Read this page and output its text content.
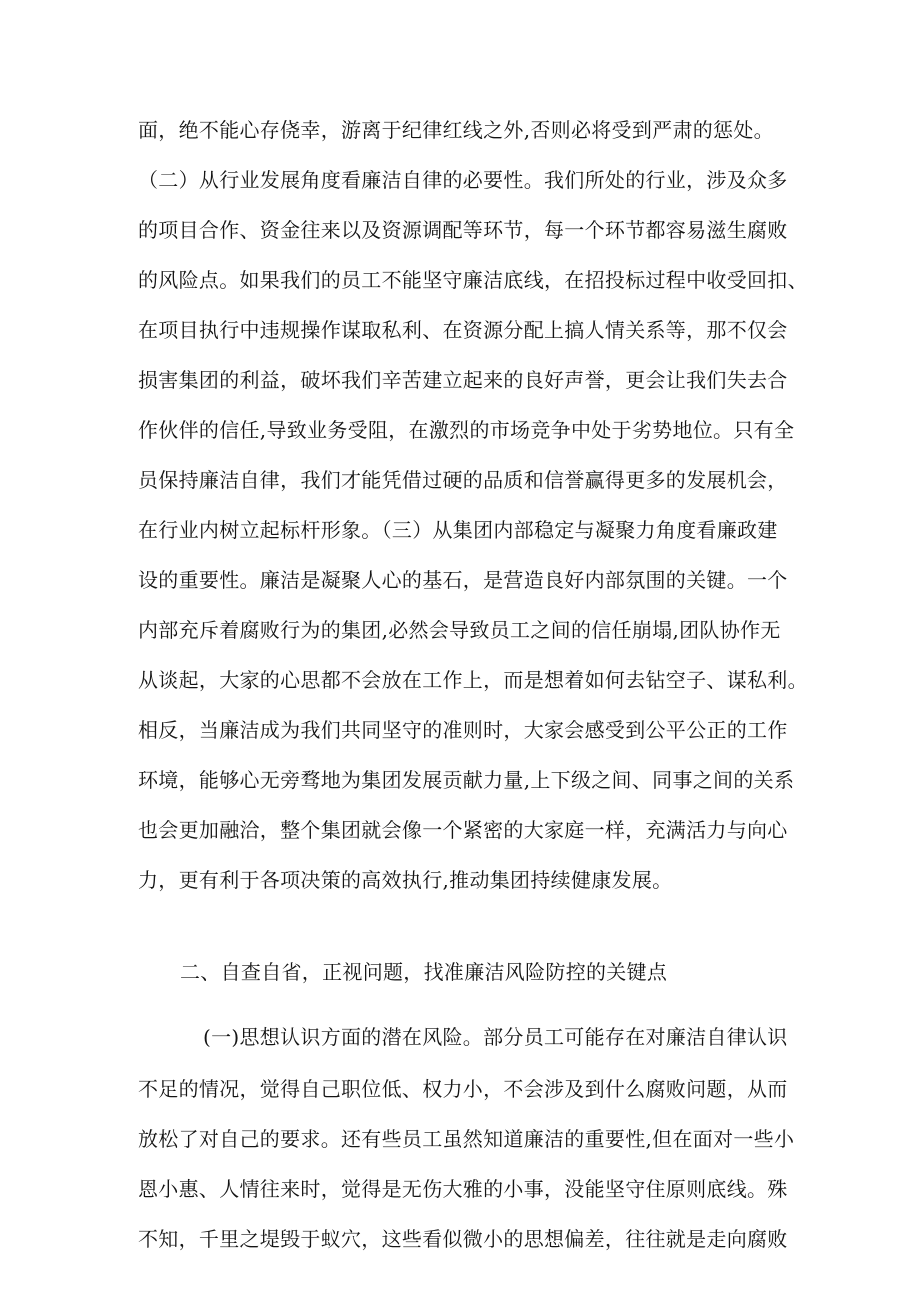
面，绝不能心存侥幸，游离于纪律红线之外,否则必将受到严肃的惩处。

（二）从行业发展角度看廉洁自律的必要性。我们所处的行业，涉及众多

的项目合作、资金往来以及资源调配等环节，每一个环节都容易滋生腐败

的风险点。如果我们的员工不能坚守廉洁底线，在招投标过程中收受回扣、

在项目执行中违规操作谋取私利、在资源分配上搞人情关系等，那不仅会

损害集团的利益，破坏我们辛苦建立起来的良好声誉，更会让我们失去合

作伙伴的信任,导致业务受阻，在激烈的市场竞争中处于劣势地位。只有全

员保持廉洁自律，我们才能凭借过硬的品质和信誉赢得更多的发展机会，

在行业内树立起标杆形象。（三）从集团内部稳定与凝聚力角度看廉政建

设的重要性。廉洁是凝聚人心的基石，是营造良好内部氛围的关键。一个

内部充斥着腐败行为的集团,必然会导致员工之间的信任崩塌,团队协作无

从谈起，大家的心思都不会放在工作上，而是想着如何去钻空子、谋私利。

相反，当廉洁成为我们共同坚守的准则时，大家会感受到公平公正的工作

环境，能够心无旁骛地为集团发展贡献力量,上下级之间、同事之间的关系

也会更加融洽，整个集团就会像一个紧密的大家庭一样，充满活力与向心

力，更有利于各项决策的高效执行,推动集团持续健康发展。

二、自查自省，正视问题，找准廉洁风险防控的关键点

(一)思想认识方面的潜在风险。部分员工可能存在对廉洁自律认识

不足的情况，觉得自己职位低、权力小，不会涉及到什么腐败问题，从而

放松了对自己的要求。还有些员工虽然知道廉洁的重要性,但在面对一些小

恩小惠、人情往来时，觉得是无伤大雅的小事，没能坚守住原则底线。殊

不知，千里之堤毁于蚁穴，这些看似微小的思想偏差，往往就是走向腐败
